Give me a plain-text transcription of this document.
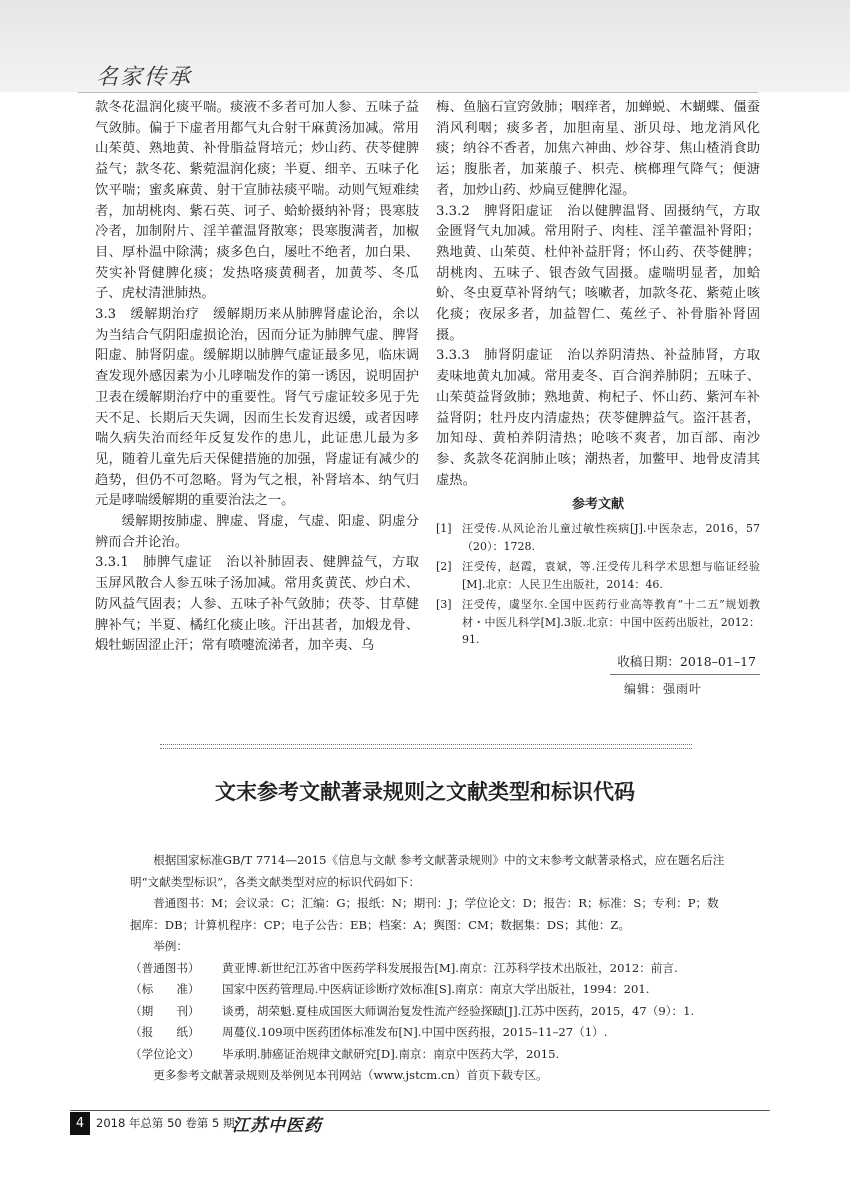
名家传承

款冬花温润化痰平喘。痰液不多者可加人参、五味子益气敛肺。偏于下虚者用都气丸合射干麻黄汤加减。常用山茱萸、熟地黄、补骨脂益肾培元；炒山药、茯苓健脾益气；款冬花、紫菀温润化痰；半夏、细辛、五味子化饮平喘；蜜炙麻黄、射干宣肺祛痰平喘。动则气短难续者，加胡桃肉、紫石英、诃子、蛤蚧摄纳补肾；畏寒肢冷者，加制附片、淫羊藿温肾散寒；畏寒腹满者，加椒目、厚朴温中除满；痰多色白，屡吐不绝者，加白果、芡实补肾健脾化痰；发热咯痰黄稠者，加黄芩、冬瓜子、虎杖清泄肺热。

3.3　缓解期治疗　缓解期历来从肺脾肾虚论治，余以为当结合气阴阳虚损论治，因而分证为肺脾气虚、脾肾阳虚、肺肾阴虚。缓解期以肺脾气虚证最多见，临床调查发现外感因素为小儿哮喘发作的第一诱因，说明固护卫表在缓解期治疗中的重要性。肾气亏虚证较多见于先天不足、长期后天失调，因而生长发育迟缓，或者因哮喘久病失治而经年反复发作的患儿，此证患儿最为多见，随着儿童先后天保健措施的加强，肾虚证有减少的趋势，但仍不可忽略。肾为气之根，补肾培本、纳气归元是哮喘缓解期的重要治法之一。

缓解期按肺虚、脾虚、肾虚，气虚、阳虚、阴虚分辨而合并论治。

3.3.1　肺脾气虚证　治以补肺固表、健脾益气，方取玉屏风散合人参五味子汤加减。常用炙黄芪、炒白术、防风益气固表；人参、五味子补气敛肺；茯苓、甘草健脾补气；半夏、橘红化痰止咳。汗出甚者，加煅龙骨、煅牡蛎固涩止汗；常有喷嚏流涕者，加辛夷、乌

梅、鱼脑石宣窍敛肺；咽痒者，加蝉蜕、木蝴蝶、僵蚕消风利咽；痰多者，加胆南星、浙贝母、地龙消风化痰；纳谷不香者，加焦六神曲、炒谷芽、焦山楂消食助运；腹胀者，加莱菔子、枳壳、槟榔理气降气；便溏者，加炒山药、炒扁豆健脾化湿。

3.3.2　脾肾阳虚证　治以健脾温肾、固摄纳气，方取金匮肾气丸加减。常用附子、肉桂、淫羊藿温补肾阳；熟地黄、山茱萸、杜仲补益肝肾；怀山药、茯苓健脾；胡桃肉、五味子、银杏敛气固摄。虚喘明显者，加蛤蚧、冬虫夏草补肾纳气；咳嗽者，加款冬花、紫菀止咳化痰；夜尿多者，加益智仁、菟丝子、补骨脂补肾固摄。

3.3.3　肺肾阴虚证　治以养阴清热、补益肺肾，方取麦味地黄丸加减。常用麦冬、百合润养肺阴；五味子、山茱萸益肾敛肺；熟地黄、枸杞子、怀山药、紫河车补益肾阴；牡丹皮内清虚热；茯苓健脾益气。盗汗甚者，加知母、黄柏养阴清热；呛咳不爽者，加百部、南沙参、炙款冬花润肺止咳；潮热者，加鳖甲、地骨皮清其虚热。

参考文献
[1] 汪受传.从风论治儿童过敏性疾病[J].中医杂志，2016，57（20）：1728.
[2] 汪受传，赵霞，袁斌，等.汪受传儿科学术思想与临证经验[M].北京：人民卫生出版社，2014：46.
[3] 汪受传，虞坚尔.全国中医药行业高等教育“十二五”规划教材・中医儿科学[M].3版.北京：中国中医药出版社，2012：91.
收稿日期：2018–01–17
编辑：强雨叶
文末参考文献著录规则之文献类型和标识代码

根据国家标准GB/T 7714—2015《信息与文献 参考文献著录规则》中的文末参考文献著录格式，应在题名后注明“文献类型标识”，各类文献类型对应的标识代码如下：

普通图书：M；会议录：C；汇编：G；报纸：N；期刊：J；学位论文：D；报告：R；标准：S；专利：P；数据库：DB；计算机程序：CP；电子公告：EB；档案：A；舆图：CM；数据集：DS；其他：Z。

举例：

（普通图书）	黄亚博.新世纪江苏省中医药学科发展报告[M].南京：江苏科学技术出版社，2012：前言.
（标　　准）	国家中医药管理局.中医病证诊断疗效标准[S].南京：南京大学出版社，1994：201.
（期　　刊）	谈勇，胡荣魁.夏桂成国医大师调治复发性流产经验探赜[J].江苏中医药，2015，47（9）：1.
（报　　纸）	周蔓仪.109项中医药团体标准发布[N].中国中医药报，2015–11–27（1）.
（学位论文）	毕承明.肺癌证治规律文献研究[D].南京：南京中医药大学，2015.

更多参考文献著录规则及举例见本刊网站（www.jstcm.cn）首页下载专区。

4	2018 年总第 50 卷第 5 期
江苏中医药
